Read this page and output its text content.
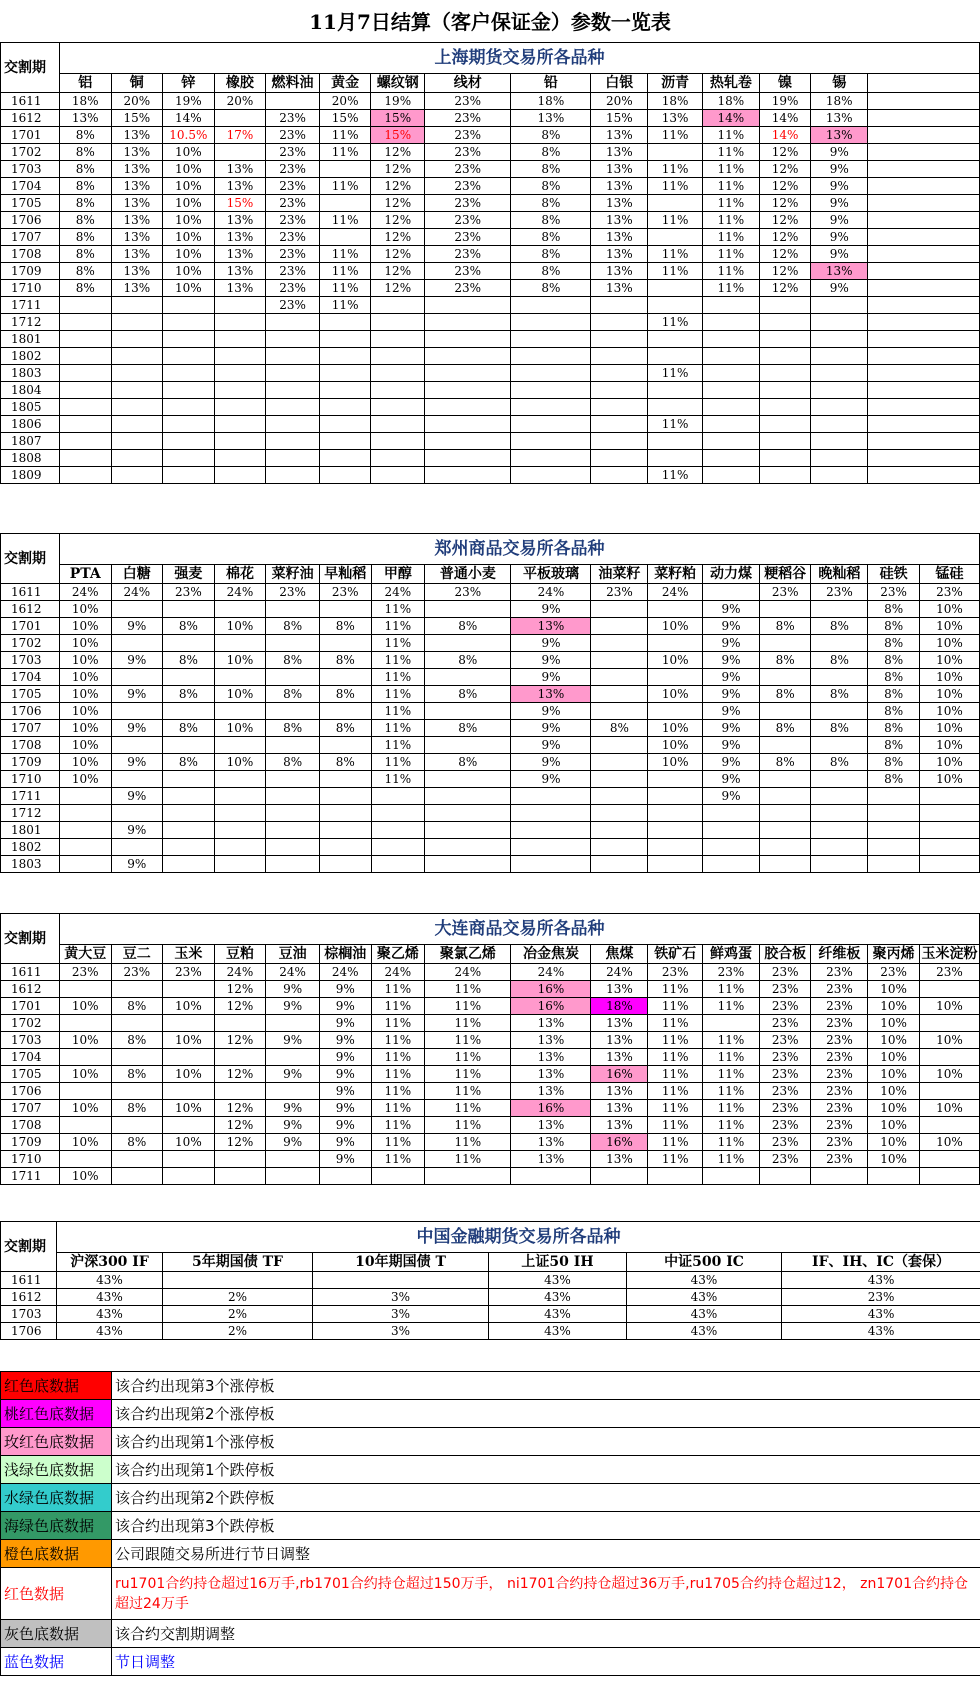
11月7日结算（客户保证金）参数一览表
交割期	上海期货交易所各品种														
	铝	铜	锌	橡胶	燃料油	黄金	螺纹钢	线材	铅	白银	沥青	热轧卷	镍	锡	
1611	18%	20%	19%	20%		20%	19%	23%	18%	20%	18%	18%	19%	18%	
1612	13%	15%	14%		23%	15%	15%	23%	13%	15%	13%	14%	14%	13%	
1701	8%	13%	10.5%	17%	23%	11%	15%	23%	8%	13%	11%	11%	14%	13%	
1702	8%	13%	10%		23%	11%	12%	23%	8%	13%		11%	12%	9%	
1703	8%	13%	10%	13%	23%		12%	23%	8%	13%	11%	11%	12%	9%	
1704	8%	13%	10%	13%	23%	11%	12%	23%	8%	13%	11%	11%	12%	9%	
1705	8%	13%	10%	15%	23%		12%	23%	8%	13%		11%	12%	9%	
1706	8%	13%	10%	13%	23%	11%	12%	23%	8%	13%	11%	11%	12%	9%	
1707	8%	13%	10%	13%	23%		12%	23%	8%	13%		11%	12%	9%	
1708	8%	13%	10%	13%	23%	11%	12%	23%	8%	13%	11%	11%	12%	9%	
1709	8%	13%	10%	13%	23%	11%	12%	23%	8%	13%	11%	11%	12%	13%	
1710	8%	13%	10%	13%	23%	11%	12%	23%	8%	13%		11%	12%	9%	
1711					23%	11%									
1712											11%				
1801															
1802															
1803											11%				
1804															
1805															
1806											11%				
1807															
1808															
1809											11%				
交割期	郑州商品交易所各品种															
	PTA	白糖	强麦	棉花	菜籽油	早籼稻	甲醇	普通小麦	平板玻璃	油菜籽	菜籽粕	动力煤	粳稻谷	晚籼稻	硅铁	锰硅
1611	24%	24%	23%	24%	23%	23%	24%	23%	24%	23%	24%		23%	23%	23%	23%
1612	10%						11%		9%			9%			8%	10%
1701	10%	9%	8%	10%	8%	8%	11%	8%	13%		10%	9%	8%	8%	8%	10%
1702	10%						11%		9%			9%			8%	10%
1703	10%	9%	8%	10%	8%	8%	11%	8%	9%		10%	9%	8%	8%	8%	10%
1704	10%						11%		9%			9%			8%	10%
1705	10%	9%	8%	10%	8%	8%	11%	8%	13%		10%	9%	8%	8%	8%	10%
1706	10%						11%		9%			9%			8%	10%
1707	10%	9%	8%	10%	8%	8%	11%	8%	9%	8%	10%	9%	8%	8%	8%	10%
1708	10%						11%		9%		10%	9%			8%	10%
1709	10%	9%	8%	10%	8%	8%	11%	8%	9%		10%	9%	8%	8%	8%	10%
1710	10%						11%		9%			9%			8%	10%
1711		9%										9%				
1712																
1801		9%														
1802																
1803		9%														
交割期	大连商品交易所各品种															
	黄大豆	豆二	玉米	豆粕	豆油	棕榈油	聚乙烯	聚氯乙烯	冶金焦炭	焦煤	铁矿石	鲜鸡蛋	胶合板	纤维板	聚丙烯	玉米淀粉
1611	23%	23%	23%	24%	24%	24%	24%	24%	24%	24%	23%	23%	23%	23%	23%	23%
1612				12%	9%	9%	11%	11%	16%	13%	11%	11%	23%	23%	10%	
1701	10%	8%	10%	12%	9%	9%	11%	11%	16%	18%	11%	11%	23%	23%	10%	10%
1702						9%	11%	11%	13%	13%	11%		23%	23%	10%	
1703	10%	8%	10%	12%	9%	9%	11%	11%	13%	13%	11%	11%	23%	23%	10%	10%
1704						9%	11%	11%	13%	13%	11%	11%	23%	23%	10%	
1705	10%	8%	10%	12%	9%	9%	11%	11%	13%	16%	11%	11%	23%	23%	10%	10%
1706						9%	11%	11%	13%	13%	11%	11%	23%	23%	10%	
1707	10%	8%	10%	12%	9%	9%	11%	11%	16%	13%	11%	11%	23%	23%	10%	10%
1708				12%	9%	9%	11%	11%	13%	13%	11%	11%	23%	23%	10%	
1709	10%	8%	10%	12%	9%	9%	11%	11%	13%	16%	11%	11%	23%	23%	10%	10%
1710						9%	11%	11%	13%	13%	11%	11%	23%	23%	10%	
1711	10%															
交割期	中国金融期货交易所各品种					
	沪深300 IF	5年期国债 TF	10年期国债 T	上证50 IH	中证500 IC	IF、IH、IC（套保）
1611	43%			43%	43%	43%
1612	43%	2%	3%	43%	43%	23%
1703	43%	2%	3%	43%	43%	43%
1706	43%	2%	3%	43%	43%	43%
红色底数据	该合约出现第3个涨停板
桃红色底数据	该合约出现第2个涨停板
玫红色底数据	该合约出现第1个涨停板
浅绿色底数据	该合约出现第1个跌停板
水绿色底数据	该合约出现第2个跌停板
海绿色底数据	该合约出现第3个跌停板
橙色底数据	公司跟随交易所进行节日调整
红色数据	ru1701合约持仓超过16万手,rb1701合约持仓超过150万手， ni1701合约持仓超过36万手,ru1705合约持仓超过12， zn1701合约持仓超过24万手
灰色底数据	该合约交割期调整
蓝色数据	节日调整
